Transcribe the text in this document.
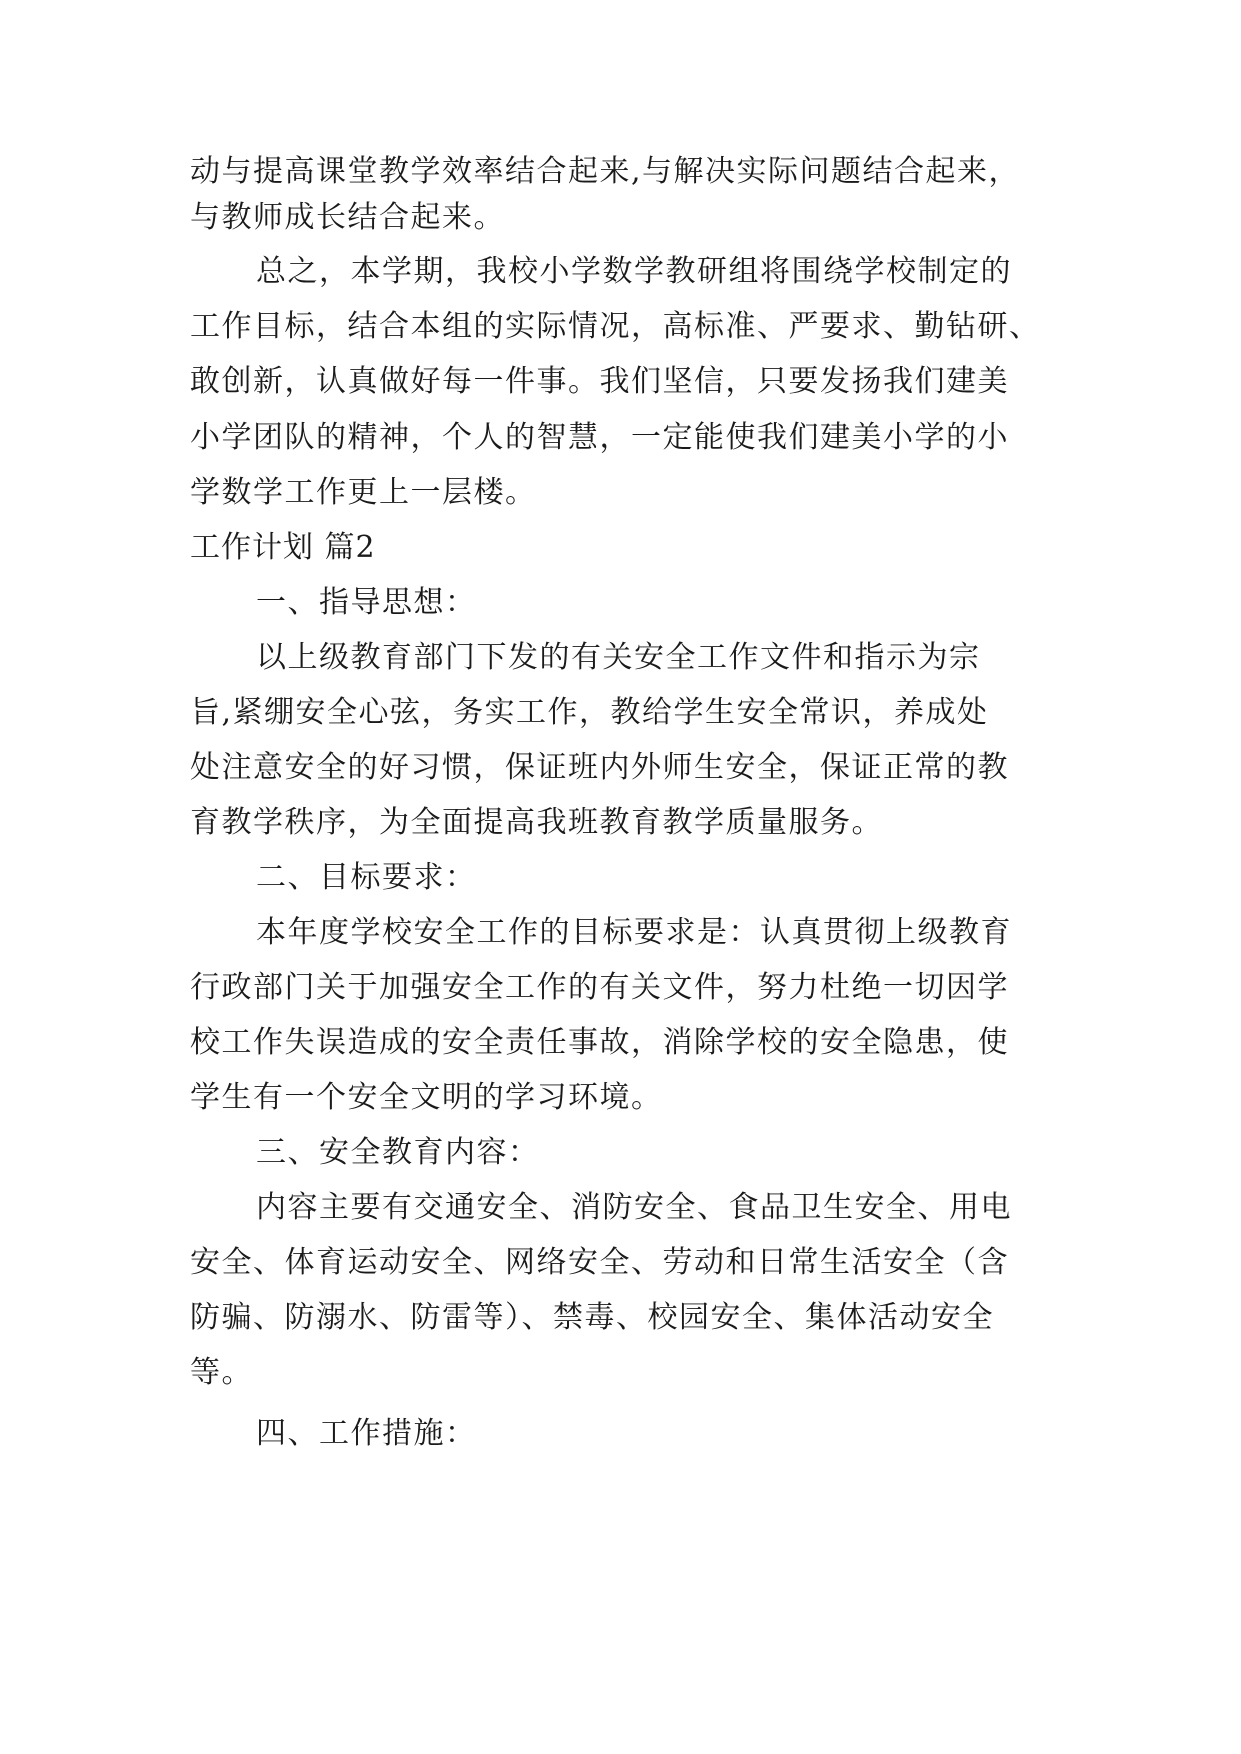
动与提高课堂教学效率结合起来,与解决实际问题结合起来，
与教师成长结合起来。
总之，本学期，我校小学数学教研组将围绕学校制定的
工作目标，结合本组的实际情况，高标准、严要求、勤钻研、
敢创新，认真做好每一件事。我们坚信，只要发扬我们建美
小学团队的精神，个人的智慧，一定能使我们建美小学的小
学数学工作更上一层楼。
工作计划 篇2
一、指导思想：
以上级教育部门下发的有关安全工作文件和指示为宗
旨,紧绷安全心弦，务实工作，教给学生安全常识，养成处
处注意安全的好习惯，保证班内外师生安全，保证正常的教
育教学秩序，为全面提高我班教育教学质量服务。
二、目标要求：
本年度学校安全工作的目标要求是：认真贯彻上级教育
行政部门关于加强安全工作的有关文件，努力杜绝一切因学
校工作失误造成的安全责任事故，消除学校的安全隐患，使
学生有一个安全文明的学习环境。
三、安全教育内容：
内容主要有交通安全、消防安全、食品卫生安全、用电
安全、体育运动安全、网络安全、劳动和日常生活安全（含
防骗、防溺水、防雷等）、禁毒、校园安全、集体活动安全
等。
四、工作措施：
